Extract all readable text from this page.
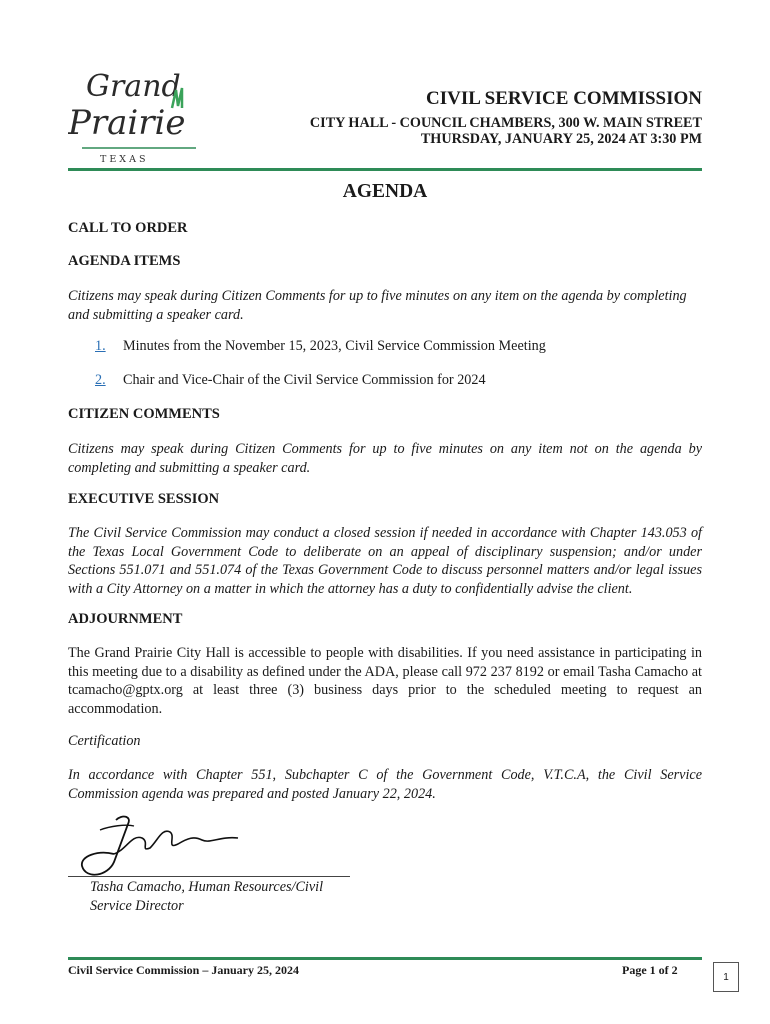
Grand
Prairie
T E X A S
CIVIL SERVICE COMMISSION
CITY HALL - COUNCIL CHAMBERS, 300 W. MAIN STREET
THURSDAY, JANUARY 25, 2024 AT 3:30 PM
AGENDA
CALL TO ORDER
AGENDA ITEMS
Citizens may speak during Citizen Comments for up to five minutes on any item on the agenda by completing and submitting a speaker card.
1. Minutes from the November 15, 2023, Civil Service Commission Meeting
2. Chair and Vice-Chair of the Civil Service Commission for 2024
CITIZEN COMMENTS
Citizens may speak during Citizen Comments for up to five minutes on any item not on the agenda by completing and submitting a speaker card.
EXECUTIVE SESSION
The Civil Service Commission may conduct a closed session if needed in accordance with Chapter 143.053 of the Texas Local Government Code to deliberate on an appeal of disciplinary suspension; and/or under Sections 551.071 and 551.074 of the Texas Government Code to discuss personnel matters and/or legal issues with a City Attorney on a matter in which the attorney has a duty to confidentially advise the client.
ADJOURNMENT
The Grand Prairie City Hall is accessible to people with disabilities. If you need assistance in participating in this meeting due to a disability as defined under the ADA, please call 972 237 8192 or email Tasha Camacho at tcamacho@gptx.org at least three (3) business days prior to the scheduled meeting to request an accommodation.
Certification
In accordance with Chapter 551, Subchapter C of the Government Code, V.T.C.A, the Civil Service Commission agenda was prepared and posted January 22, 2024.
Tasha Camacho, Human Resources/Civil
Service Director
Civil Service Commission – January 25, 2024	Page 1 of 2
1
